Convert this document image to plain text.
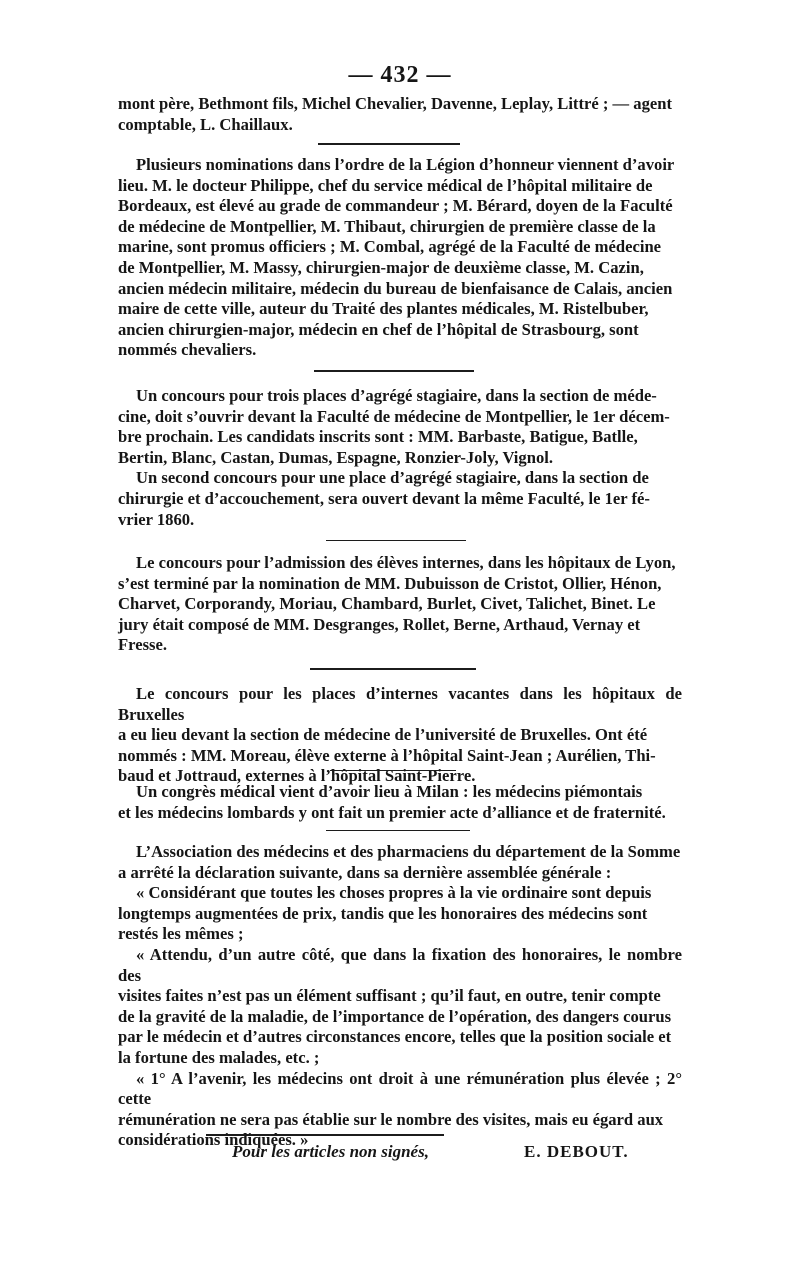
— 432 —

mont père, Bethmont fils, Michel Chevalier, Davenne, Leplay, Littré ; — agent

comptable, L. Chaillaux.

Plusieurs nominations dans l’ordre de la Légion d’honneur viennent d’avoir

lieu. M. le docteur Philippe, chef du service médical de l’hôpital militaire de

Bordeaux, est élevé au grade de commandeur ; M. Bérard, doyen de la Faculté

de médecine de Montpellier, M. Thibaut, chirurgien de première classe de la

marine, sont promus officiers ; M. Combal, agrégé de la Faculté de médecine

de Montpellier, M. Massy, chirurgien-major de deuxième classe, M. Cazin,

ancien médecin militaire, médecin du bureau de bienfaisance de Calais, ancien

maire de cette ville, auteur du Traité des plantes médicales, M. Ristelbuber,

ancien chirurgien-major, médecin en chef de l’hôpital de Strasbourg, sont

nommés chevaliers.

Un concours pour trois places d’agrégé stagiaire, dans la section de méde-

cine, doit s’ouvrir devant la Faculté de médecine de Montpellier, le 1er décem-

bre prochain. Les candidats inscrits sont : MM. Barbaste, Batigue, Batlle,

Bertin, Blanc, Castan, Dumas, Espagne, Ronzier-Joly, Vignol.

Un second concours pour une place d’agrégé stagiaire, dans la section de

chirurgie et d’accouchement, sera ouvert devant la même Faculté, le 1er fé-

vrier 1860.

Le concours pour l’admission des élèves internes, dans les hôpitaux de Lyon,

s’est terminé par la nomination de MM. Dubuisson de Cristot, Ollier, Hénon,

Charvet, Corporandy, Moriau, Chambard, Burlet, Civet, Talichet, Binet. Le

jury était composé de MM. Desgranges, Rollet, Berne, Arthaud, Vernay et

Fresse.

Le concours pour les places d’internes vacantes dans les hôpitaux de Bruxelles

a eu lieu devant la section de médecine de l’université de Bruxelles. Ont été

nommés : MM. Moreau, élève externe à l’hôpital Saint-Jean ; Aurélien, Thi-

baud et Jottraud, externes à l’hôpital Saint-Pierre.

Un congrès médical vient d’avoir lieu à Milan : les médecins piémontais

et les médecins lombards y ont fait un premier acte d’alliance et de fraternité.

L’Association des médecins et des pharmaciens du département de la Somme

a arrêté la déclaration suivante, dans sa dernière assemblée générale :

« Considérant que toutes les choses propres à la vie ordinaire sont depuis

longtemps augmentées de prix, tandis que les honoraires des médecins sont

restés les mêmes ;

« Attendu, d’un autre côté, que dans la fixation des honoraires, le nombre des

visites faites n’est pas un élément suffisant ; qu’il faut, en outre, tenir compte

de la gravité de la maladie, de l’importance de l’opération, des dangers courus

par le médecin et d’autres circonstances encore, telles que la position sociale et

la fortune des malades, etc. ;

« 1° A l’avenir, les médecins ont droit à une rémunération plus élevée ; 2° cette

rémunération ne sera pas établie sur le nombre des visites, mais eu égard aux

considérations indiquées. »

Pour les articles non signés,	E. DEBOUT.
